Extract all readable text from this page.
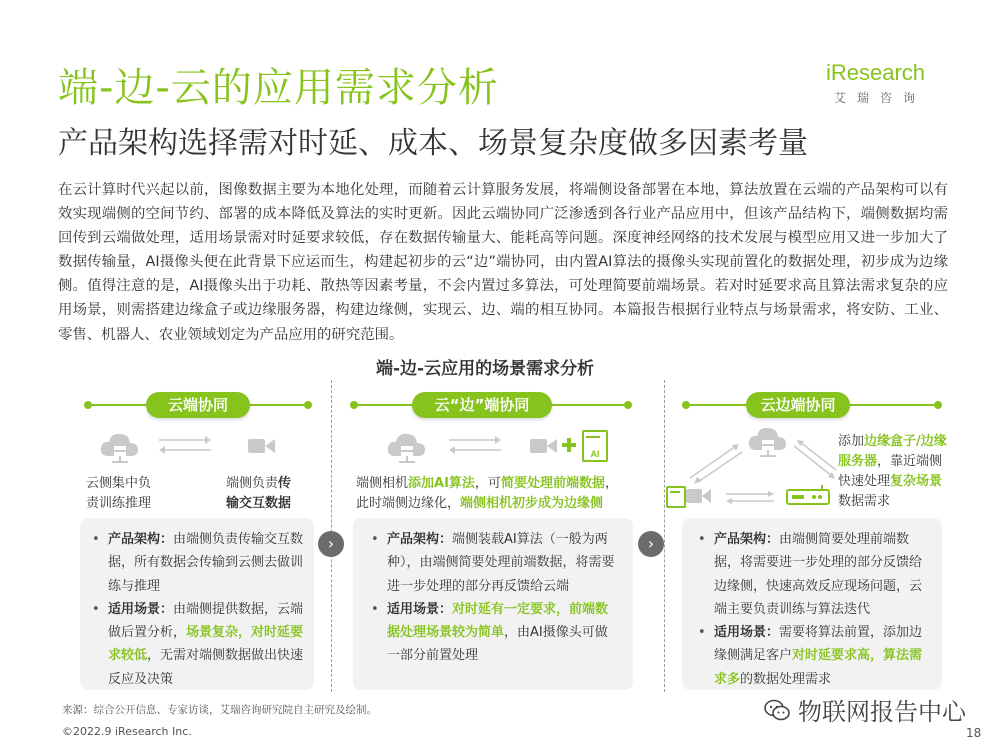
端-边-云的应用需求分析
产品架构选择需对时延、成本、场景复杂度做多因素考量
iResearch
艾瑞咨询
在云计算时代兴起以前，图像数据主要为本地化处理，而随着云计算服务发展，将端侧设备部署在本地，算法放置在云端的产品架构可以有效实现端侧的空间节约、部署的成本降低及算法的实时更新。因此云端协同广泛渗透到各行业产品应用中，但该产品结构下，端侧数据均需回传到云端做处理，适用场景需对时延要求较低，存在数据传输量大、能耗高等问题。深度神经网络的技术发展与模型应用又进一步加大了数据传输量，AI摄像头便在此背景下应运而生，构建起初步的云“边”端协同，由内置AI算法的摄像头实现前置化的数据处理，初步成为边缘侧。值得注意的是，AI摄像头出于功耗、散热等因素考量，不会内置过多算法，可处理简要前端场景。若对时延要求高且算法需求复杂的应用场景，则需搭建边缘盒子或边缘服务器，构建边缘侧，实现云、边、端的相互协同。本篇报告根据行业特点与场景需求，将安防、工业、零售、机器人、农业领域划定为产品应用的研究范围。
端-边-云应用的场景需求分析
云端协同	云“边”端协同	云边端协同
云侧集中负
责训练推理
端侧负责传
输交互数据
AI
端侧相机添加AI算法，可简要处理前端数据，
此时端侧边缘化，端侧相机初步成为边缘侧
添加边缘盒子/边缘服务器，靠近端侧快速处理复杂场景数据需求
• 产品架构：由端侧负责传输交互数据，所有数据会传输到云侧去做训练与推理
• 适用场景：由端侧提供数据，云端做后置分析，场景复杂，对时延要求较低，无需对端侧数据做出快速反应及决策
• 产品架构：端侧装载AI算法（一般为两种），由端侧简要处理前端数据，将需要进一步处理的部分再反馈给云端
• 适用场景：对时延有一定要求，前端数据处理场景较为简单，由AI摄像头可做一部分前置处理
• 产品架构：由端侧简要处理前端数据，将需要进一步处理的部分反馈给边缘侧，快速高效反应现场问题，云端主要负责训练与算法迭代
• 适用场景：需要将算法前置，添加边缘侧满足客户对时延要求高，算法需求多的数据处理需求
›	›
来源：综合公开信息、专家访谈，艾瑞咨询研究院自主研究及绘制。
©2022.9 iResearch Inc.	18
物联网报告中心
